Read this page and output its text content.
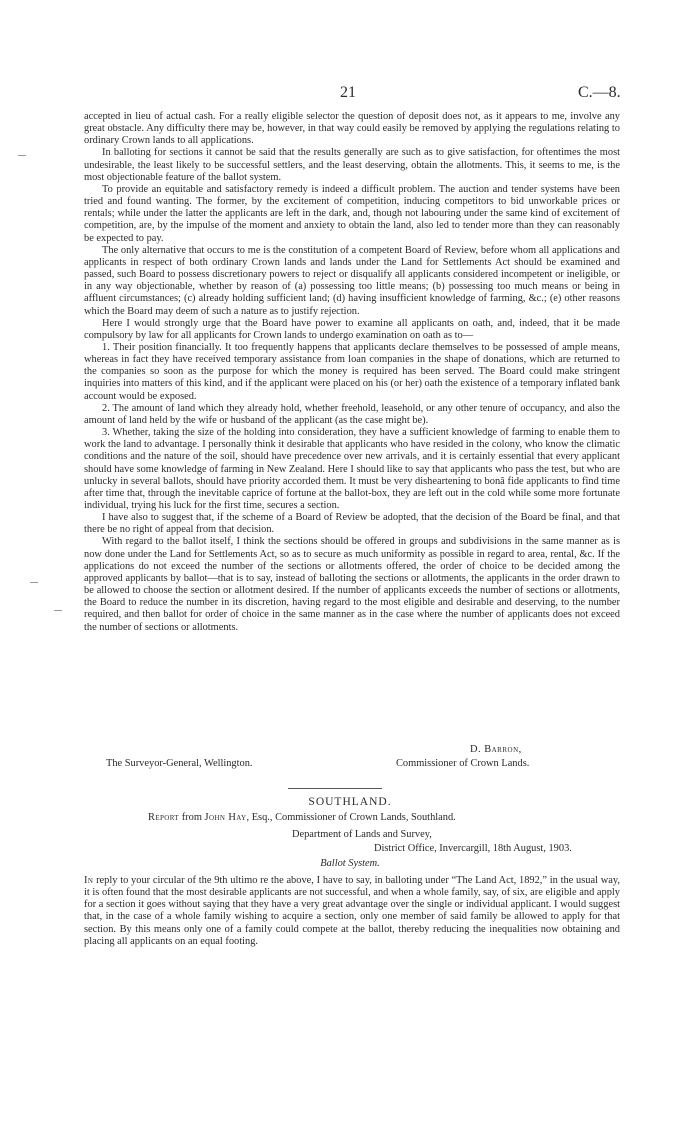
21	C.—8.

accepted in lieu of actual cash. For a really eligible selector the question of deposit does not, as it appears to me, involve any great obstacle. Any difficulty there may be, however, in that way could easily be removed by applying the regulations relating to ordinary Crown lands to all applications.

In balloting for sections it cannot be said that the results generally are such as to give satisfaction, for oftentimes the most undesirable, the least likely to be successful settlers, and the least deserving, obtain the allotments. This, it seems to me, is the most objectionable feature of the ballot system.

To provide an equitable and satisfactory remedy is indeed a difficult problem. The auction and tender systems have been tried and found wanting. The former, by the excitement of competition, inducing competitors to bid unworkable prices or rentals; while under the latter the applicants are left in the dark, and, though not labouring under the same kind of excitement of competition, are, by the impulse of the moment and anxiety to obtain the land, also led to tender more than they can reasonably be expected to pay.

The only alternative that occurs to me is the constitution of a competent Board of Review, before whom all applications and applicants in respect of both ordinary Crown lands and lands under the Land for Settlements Act should be examined and passed, such Board to possess discretionary powers to reject or disqualify all applicants considered incompetent or ineligible, or in any way objectionable, whether by reason of (a) possessing too little means; (b) possessing too much means or being in affluent circumstances; (c) already holding sufficient land; (d) having insufficient knowledge of farming, &c.; (e) other reasons which the Board may deem of such a nature as to justify rejection.

Here I would strongly urge that the Board have power to examine all applicants on oath, and, indeed, that it be made compulsory by law for all applicants for Crown lands to undergo examination on oath as to—

1. Their position financially. It too frequently happens that applicants declare themselves to be possessed of ample means, whereas in fact they have received temporary assistance from loan companies in the shape of donations, which are returned to the companies so soon as the purpose for which the money is required has been served. The Board could make stringent inquiries into matters of this kind, and if the applicant were placed on his (or her) oath the existence of a temporary inflated bank account would be exposed.

2. The amount of land which they already hold, whether freehold, leasehold, or any other tenure of occupancy, and also the amount of land held by the wife or husband of the applicant (as the case might be).

3. Whether, taking the size of the holding into consideration, they have a sufficient knowledge of farming to enable them to work the land to advantage. I personally think it desirable that applicants who have resided in the colony, who know the climatic conditions and the nature of the soil, should have precedence over new arrivals, and it is certainly essential that every applicant should have some knowledge of farming in New Zealand. Here I should like to say that applicants who pass the test, but who are unlucky in several ballots, should have priority accorded them. It must be very disheartening to bonâ fide applicants to find time after time that, through the inevitable caprice of fortune at the ballot-box, they are left out in the cold while some more fortunate individual, trying his luck for the first time, secures a section.

I have also to suggest that, if the scheme of a Board of Review be adopted, that the decision of the Board be final, and that there be no right of appeal from that decision.

With regard to the ballot itself, I think the sections should be offered in groups and subdivisions in the same manner as is now done under the Land for Settlements Act, so as to secure as much uniformity as possible in regard to area, rental, &c. If the applications do not exceed the number of the sections or allotments offered, the order of choice to be decided among the approved applicants by ballot—that is to say, instead of balloting the sections or allotments, the applicants in the order drawn to be allowed to choose the section or allotment desired. If the number of applicants exceeds the number of sections or allotments, the Board to reduce the number in its discretion, having regard to the most eligible and desirable and deserving, to the number required, and then ballot for order of choice in the same manner as in the case where the number of applicants does not exceed the number of sections or allotments.

D. Barron,
The Surveyor-General, Wellington.	Commissioner of Crown Lands.
SOUTHLAND.
Report from John Hay, Esq., Commissioner of Crown Lands, Southland.
Department of Lands and Survey,
District Office, Invercargill, 18th August, 1903.
Ballot System.

In reply to your circular of the 9th ultimo re the above, I have to say, in balloting under “The Land Act, 1892,” in the usual way, it is often found that the most desirable applicants are not successful, and when a whole family, say, of six, are eligible and apply for a section it goes without saying that they have a very great advantage over the single or individual applicant. I would suggest that, in the case of a whole family wishing to acquire a section, only one member of said family be allowed to apply for that section. By this means only one of a family could compete at the ballot, thereby reducing the inequalities now obtaining and placing all applicants on an equal footing.
